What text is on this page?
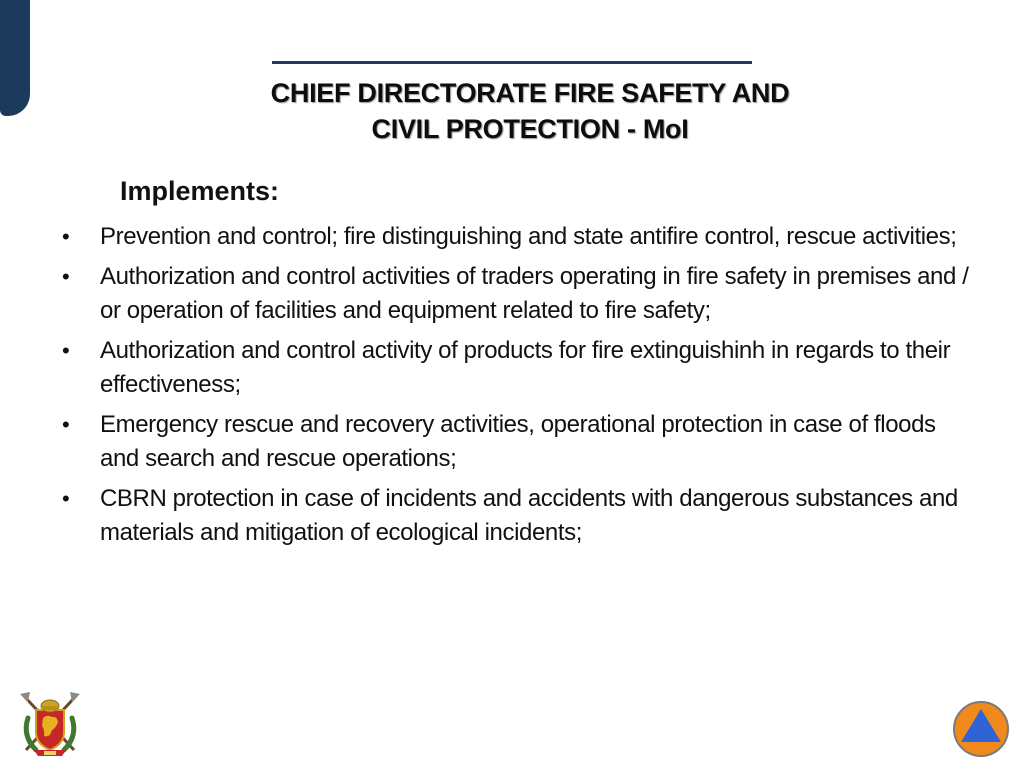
CHIEF DIRECTORATE FIRE SAFETY AND
CIVIL PROTECTION - MoI
Implements:
• Prevention and control; fire distinguishing and state antifire control, rescue activities;
• Authorization and control activities of traders operating in fire safety in premises and / or operation of facilities and equipment related to fire safety;
• Authorization and control activity of products for fire extinguishinh in regards to their effectiveness;
• Emergency rescue and recovery activities, operational protection in case of floods and search and rescue operations;
• CBRN protection in case of incidents and accidents with dangerous substances and materials and mitigation of ecological incidents;
